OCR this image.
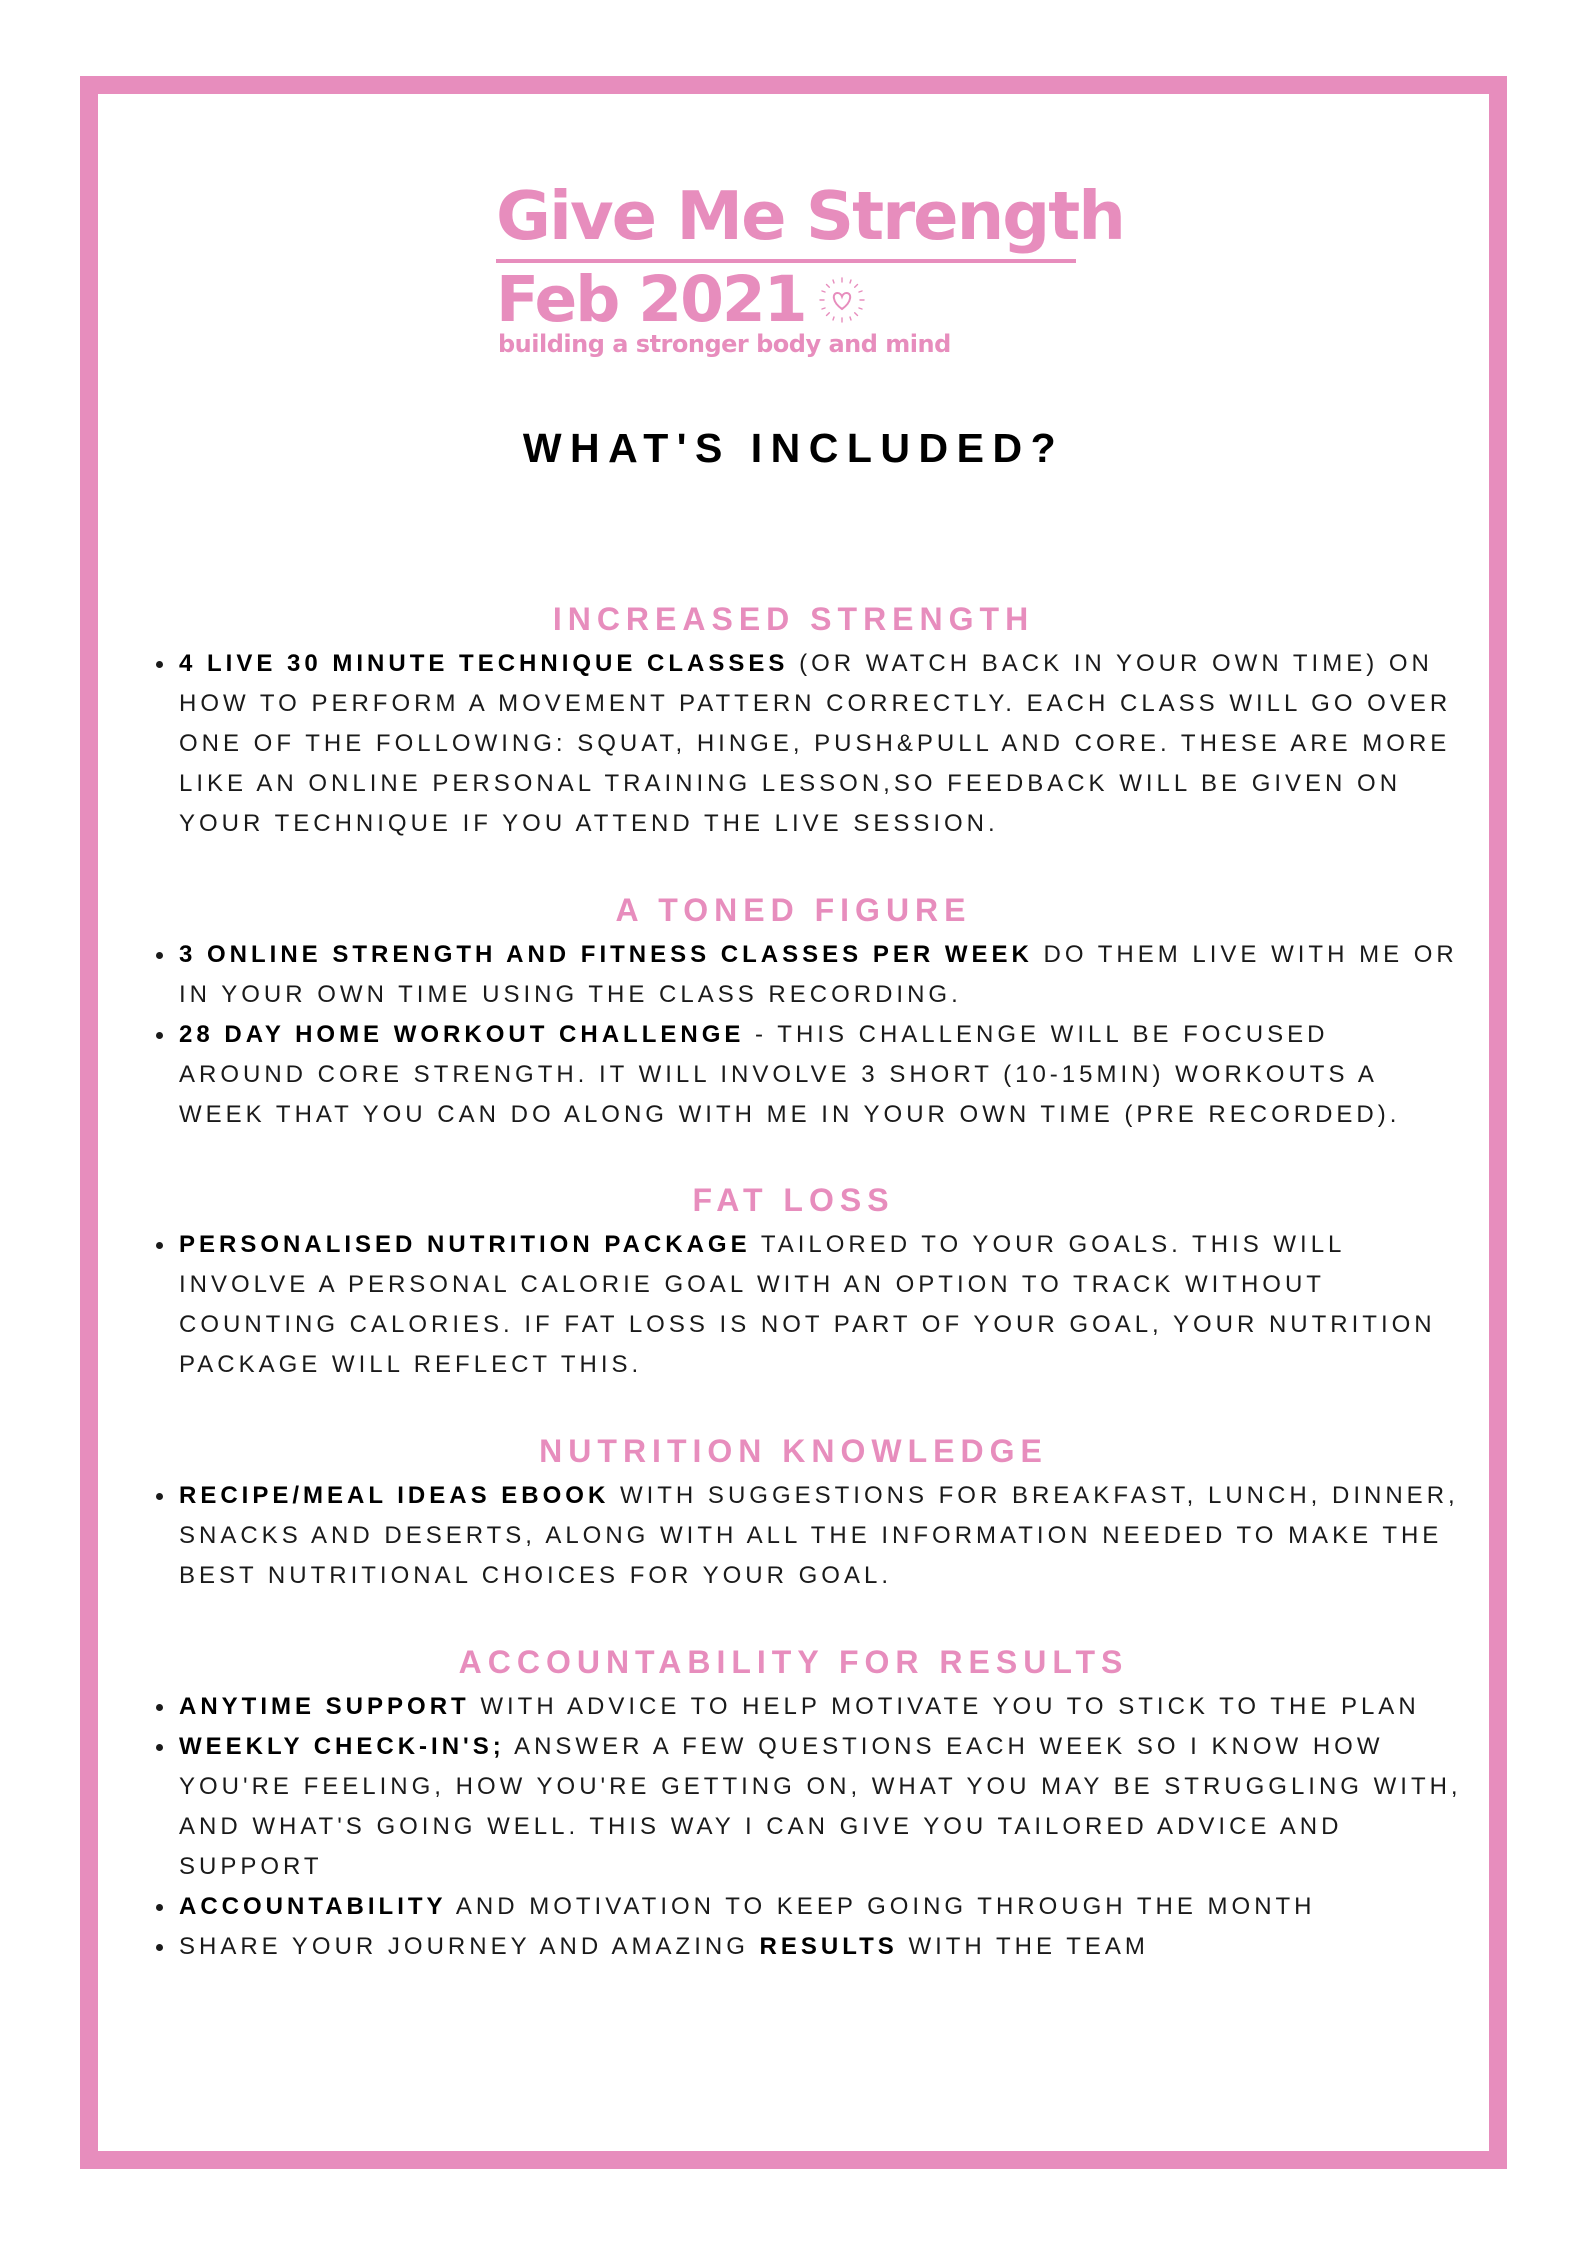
Give Me Strength
Feb 2021
building a stronger body and mind
WHAT'S INCLUDED?
INCREASED STRENGTH
4 LIVE 30 MINUTE TECHNIQUE CLASSES (OR WATCH BACK IN YOUR OWN TIME) ON HOW TO PERFORM A MOVEMENT PATTERN CORRECTLY. EACH CLASS WILL GO OVER ONE OF THE FOLLOWING: SQUAT, HINGE, PUSH&PULL AND CORE. THESE ARE MORE LIKE AN ONLINE PERSONAL TRAINING LESSON,SO FEEDBACK WILL BE GIVEN ON YOUR TECHNIQUE IF YOU ATTEND THE LIVE SESSION.
A TONED FIGURE
3 ONLINE STRENGTH AND FITNESS CLASSES PER WEEK DO THEM LIVE WITH ME OR IN YOUR OWN TIME USING THE CLASS RECORDING.
28 DAY HOME WORKOUT CHALLENGE - THIS CHALLENGE WILL BE FOCUSED AROUND CORE STRENGTH. IT WILL INVOLVE 3 SHORT (10-15MIN) WORKOUTS A WEEK THAT YOU CAN DO ALONG WITH ME IN YOUR OWN TIME (PRE RECORDED).
FAT LOSS
PERSONALISED NUTRITION PACKAGE TAILORED TO YOUR GOALS. THIS WILL INVOLVE A PERSONAL CALORIE GOAL WITH AN OPTION TO TRACK WITHOUT COUNTING CALORIES. IF FAT LOSS IS NOT PART OF YOUR GOAL, YOUR NUTRITION PACKAGE WILL REFLECT THIS.
NUTRITION KNOWLEDGE
RECIPE/MEAL IDEAS EBOOK WITH SUGGESTIONS FOR BREAKFAST, LUNCH, DINNER, SNACKS AND DESERTS, ALONG WITH ALL THE INFORMATION NEEDED TO MAKE THE BEST NUTRITIONAL CHOICES FOR YOUR GOAL.
ACCOUNTABILITY FOR RESULTS
ANYTIME SUPPORT WITH ADVICE TO HELP MOTIVATE YOU TO STICK TO THE PLAN
WEEKLY CHECK-IN'S; ANSWER A FEW QUESTIONS EACH WEEK SO I KNOW HOW YOU'RE FEELING, HOW YOU'RE GETTING ON, WHAT YOU MAY BE STRUGGLING WITH, AND WHAT'S GOING WELL. THIS WAY I CAN GIVE YOU TAILORED ADVICE AND SUPPORT
ACCOUNTABILITY AND MOTIVATION TO KEEP GOING THROUGH THE MONTH
SHARE YOUR JOURNEY AND AMAZING RESULTS WITH THE TEAM
